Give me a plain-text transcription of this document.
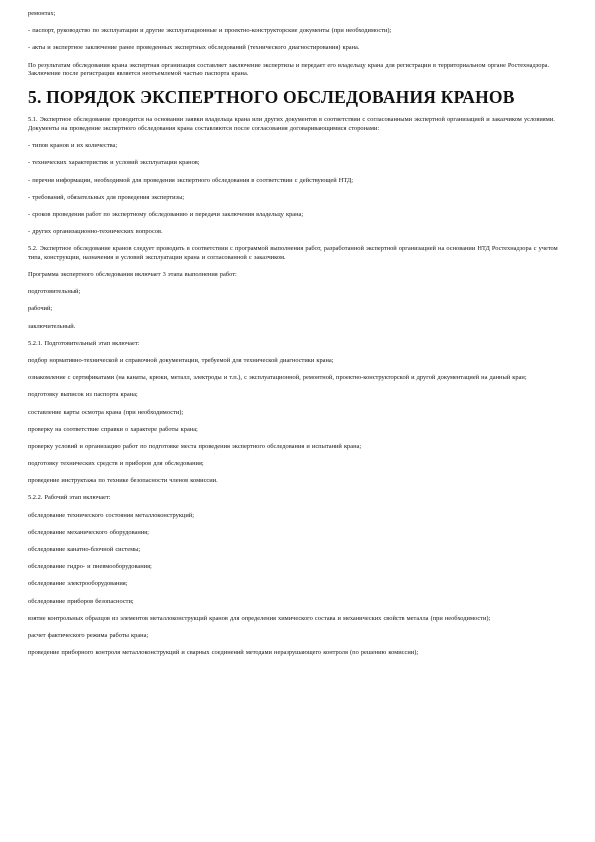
ремонтах;

- паспорт, руководство по эксплуатации и другие эксплуатационные и проектно-конструкторские документы (при необходимости);

- акты и экспертное заключение ранее проведенных экспертных обследований (технического диагностирования) крана.

По результатам обследования крана экспертная организация составляет заключение экспертизы и передает его владельцу крана для регистрации в территориальном органе Ростехнадзора. Заключение после регистрации является неотъемлемой частью паспорта крана.

5. ПОРЯДОК ЭКСПЕРТНОГО ОБСЛЕДОВАНИЯ КРАНОВ

5.1. Экспертное обследование проводится на основании заявки владельца крана или других документов в соответствии с согласованными экспертной организацией и заказчиком условиями. Документы на проведение экспертного обследования крана составляются после согласования договаривающимися сторонами:

- типов кранов и их количества;

- технических характеристик и условий эксплуатации кранов;

- перечня информации, необходимой для проведения экспертного обследования в соответствии с действующей НТД;

- требований, обязательных для проведения экспертизы;

- сроков проведения работ по экспертному обследованию и передачи заключения владельцу крана;

- других организационно-технических вопросов.

5.2. Экспертное обследование кранов следует проводить в соответствии с программой выполнения работ, разработанной экспертной организацией на основании НТД Ростехнадзора с учетом типа, конструкции, назначения и условий эксплуатации крана и согласованной с заказчиком.

Программа экспертного обследования включает 3 этапа выполнения работ:

подготовительный;

рабочий;

заключительный.

5.2.1. Подготовительный этап включает:

подбор нормативно-технической и справочной документации, требуемой для технической диагностики крана;

ознакомление с сертификатами (на канаты, крюки, металл, электроды и т.п.), с эксплуатационной, ремонтной, проектно-конструкторской и другой документацией на данный кран;

подготовку выписок из паспорта крана;

составление карты осмотра крана (при необходимости);

проверку на соответствие справки о характере работы крана;

проверку условий и организацию работ по подготовке места проведения экспертного обследования и испытаний крана;

подготовку технических средств и приборов для обследования;

проведение инструктажа по технике безопасности членов комиссии.

5.2.2. Рабочий этап включает:

обследование технического состояния металлоконструкций;

обследование механического оборудования;

обследование канатно-блочной системы;

обследование гидро- и пневмооборудования;

обследование электрооборудования;

обследование приборов безопасности;

взятие контрольных образцов из элементов металлоконструкций кранов для определения химического состава и механических свойств металла (при необходимости);

расчет фактического режима работы крана;

проведение приборного контроля металлоконструкций и сварных соединений методами неразрушающего контроля (по решению комиссии);
